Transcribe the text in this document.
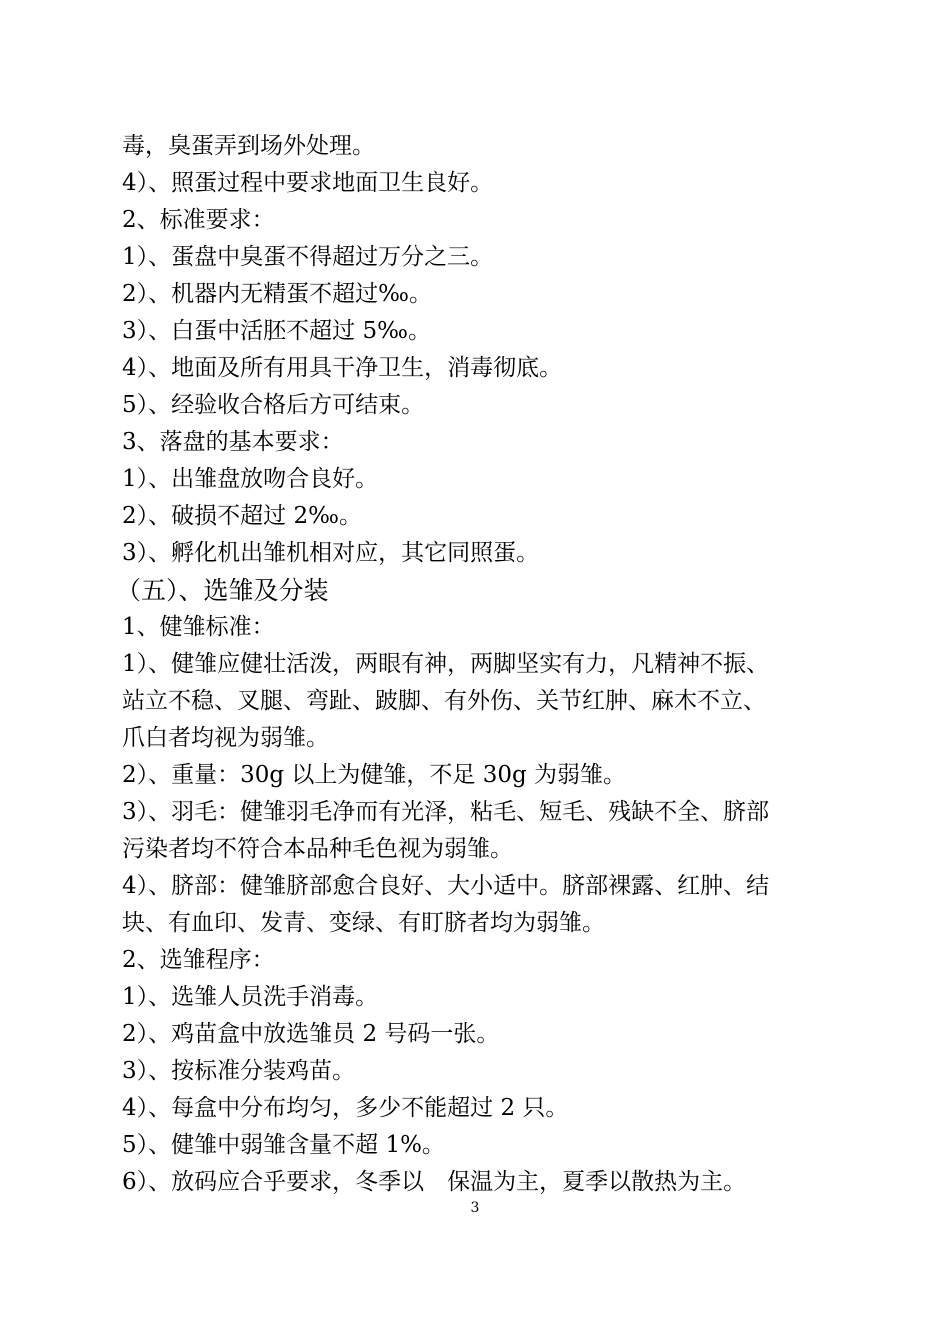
毒，臭蛋弄到场外处理。
4）、照蛋过程中要求地面卫生良好。
2、标准要求：
1）、蛋盘中臭蛋不得超过万分之三。
2）、机器内无精蛋不超过‰。
3）、白蛋中活胚不超过 5‰。
4）、地面及所有用具干净卫生，消毒彻底。
5）、经验收合格后方可结束。
3、落盘的基本要求：
1）、出雏盘放吻合良好。
2）、破损不超过 2‰。
3）、孵化机出雏机相对应，其它同照蛋。
（五）、选雏及分装
1、健雏标准：
1）、健雏应健壮活泼，两眼有神，两脚坚实有力，凡精神不振、
站立不稳、叉腿、弯趾、跛脚、有外伤、关节红肿、麻木不立、
爪白者均视为弱雏。
2）、重量：30g 以上为健雏，不足 30g 为弱雏。
3）、羽毛：健雏羽毛净而有光泽，粘毛、短毛、残缺不全、脐部
污染者均不符合本品种毛色视为弱雏。
4）、脐部：健雏脐部愈合良好、大小适中。脐部裸露、红肿、结
块、有血印、发青、变绿、有盯脐者均为弱雏。
2、选雏程序：
1）、选雏人员洗手消毒。
2）、鸡苗盒中放选雏员 2 号码一张。
3）、按标准分装鸡苗。
4）、每盒中分布均匀，多少不能超过 2 只。
5）、健雏中弱雏含量不超 1%。
6）、放码应合乎要求，冬季以　保温为主，夏季以散热为主。
3
